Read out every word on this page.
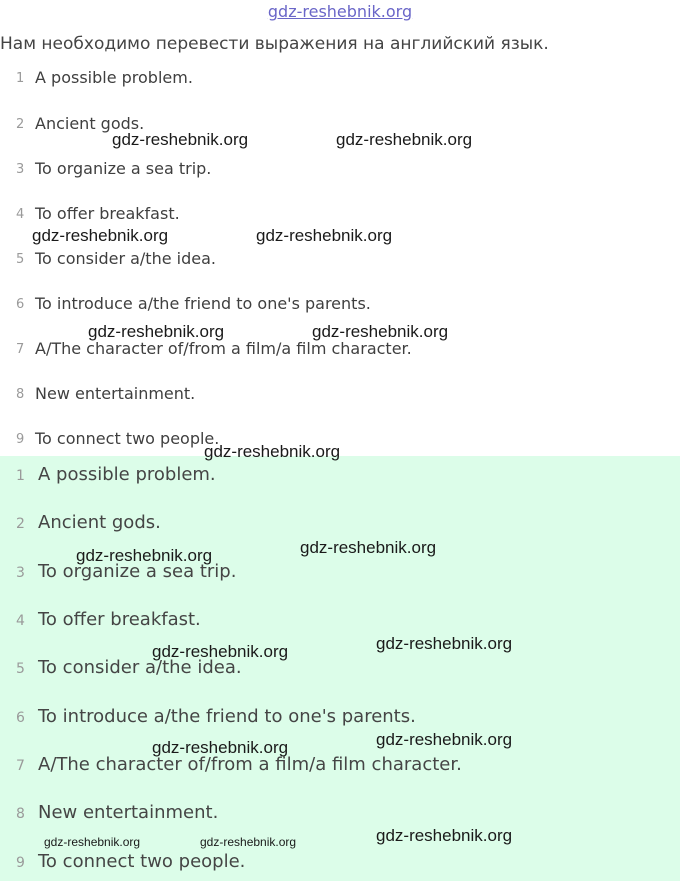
gdz-reshebnik.org
Нам необходимо перевести выражения на английский язык.
1 A possible problem.
2 Ancient gods.
3 To organize a sea trip.
4 To offer breakfast.
5 To consider a/the idea.
6 To introduce a/the friend to one's parents.
7 A/The character of/from a film/a film character.
8 New entertainment.
9 To connect two people.
1 A possible problem.
2 Ancient gods.
3 To organize a sea trip.
4 To offer breakfast.
5 To consider a/the idea.
6 To introduce a/the friend to one's parents.
7 A/The character of/from a film/a film character.
8 New entertainment.
9 To connect two people.
gdz-reshebnik.org	gdz-reshebnik.org
gdz-reshebnik.org	gdz-reshebnik.org
gdz-reshebnik.org	gdz-reshebnik.org
gdz-reshebnik.org
gdz-reshebnik.org	gdz-reshebnik.org
gdz-reshebnik.org	gdz-reshebnik.org
gdz-reshebnik.org	gdz-reshebnik.org
gdz-reshebnik.org	gdz-reshebnik.org	gdz-reshebnik.org
